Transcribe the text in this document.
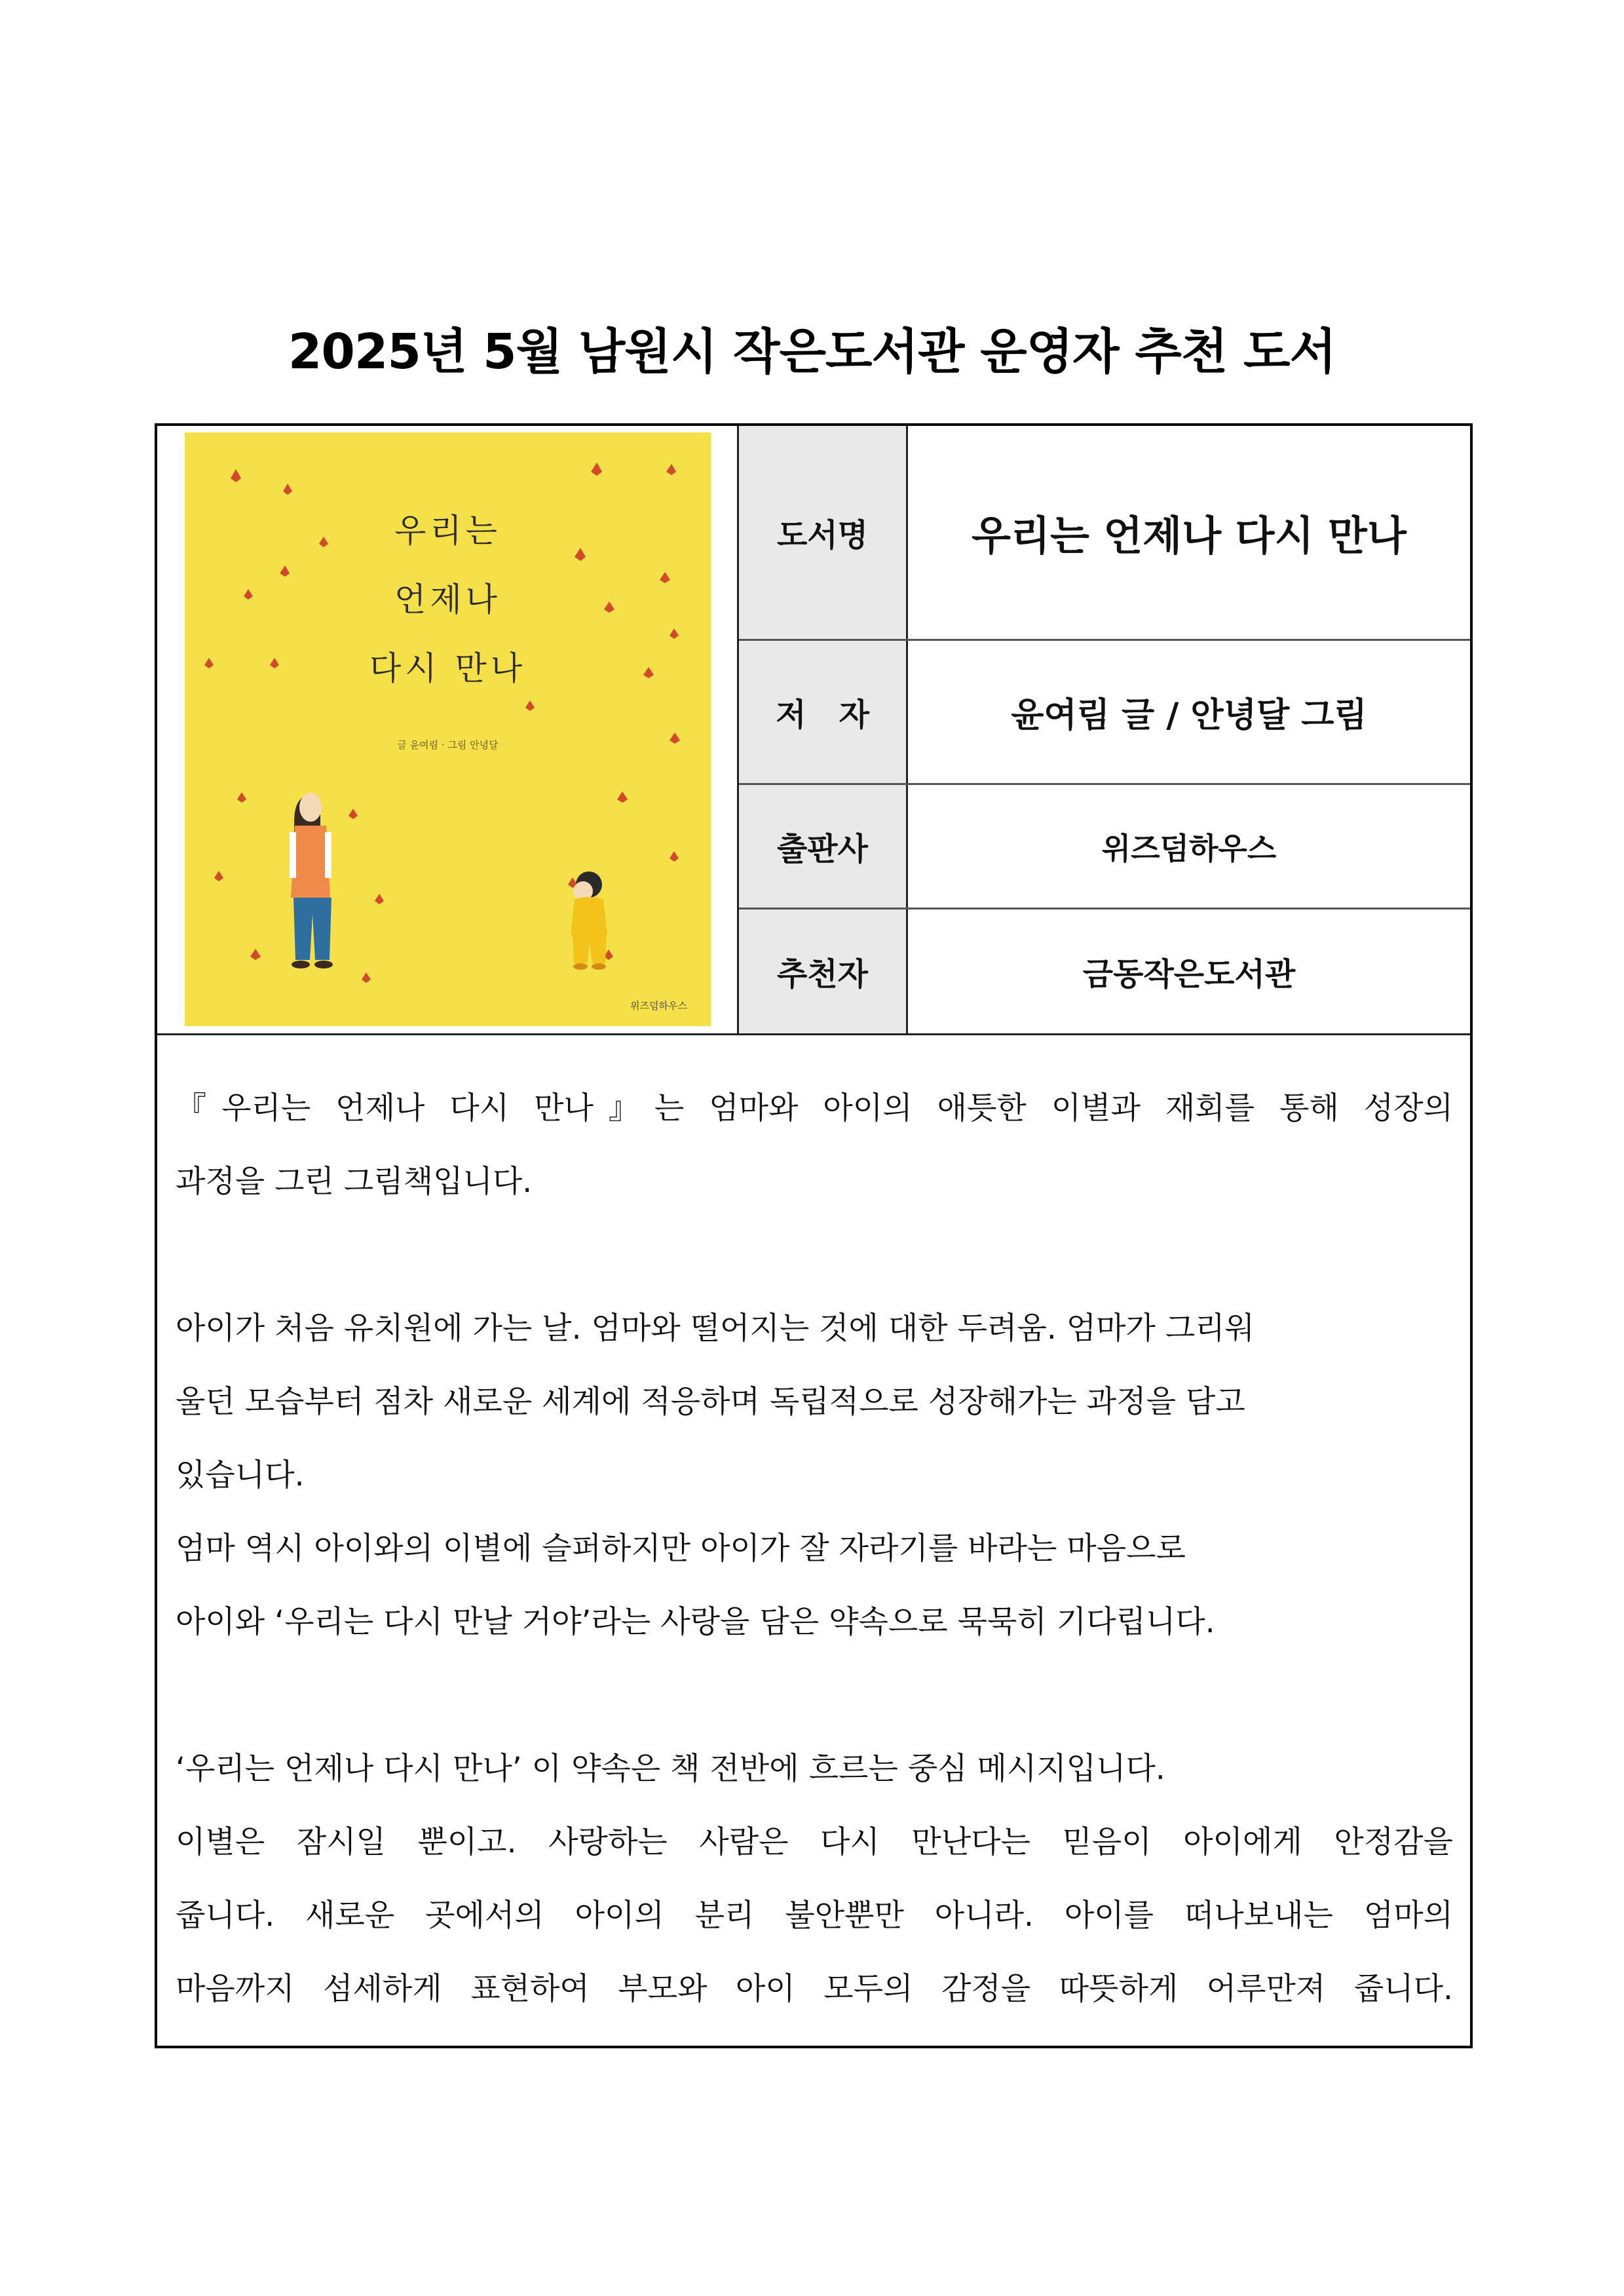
2025년 5월 남원시 작은도서관 운영자 추천 도서
우리는
언제나
다시 만나
글 윤여림 · 그림 안녕달
위즈덤하우스
도서명	우리는 언제나 다시 만나
저   자	윤여림 글 / 안녕달 그림
출판사	위즈덤하우스
추천자	금동작은도서관

『우리는 언제나 다시 만나』는 엄마와 아이의 애틋한 이별과 재회를 통해 성장의

과정을 그린 그림책입니다.

아이가 처음 유치원에 가는 날. 엄마와 떨어지는 것에 대한 두려움. 엄마가 그리워

울던 모습부터 점차 새로운 세계에 적응하며 독립적으로 성장해가는 과정을 담고

있습니다.

엄마 역시 아이와의 이별에 슬퍼하지만 아이가 잘 자라기를 바라는 마음으로

아이와 ‘우리는 다시 만날 거야’라는 사랑을 담은 약속으로 묵묵히 기다립니다.

‘우리는 언제나 다시 만나’ 이 약속은 책 전반에 흐르는 중심 메시지입니다.

이별은 잠시일 뿐이고. 사랑하는 사람은 다시 만난다는 믿음이 아이에게 안정감을

줍니다. 새로운 곳에서의 아이의 분리 불안뿐만 아니라. 아이를 떠나보내는 엄마의

마음까지 섬세하게 표현하여 부모와 아이 모두의 감정을 따뜻하게 어루만져 줍니다.
